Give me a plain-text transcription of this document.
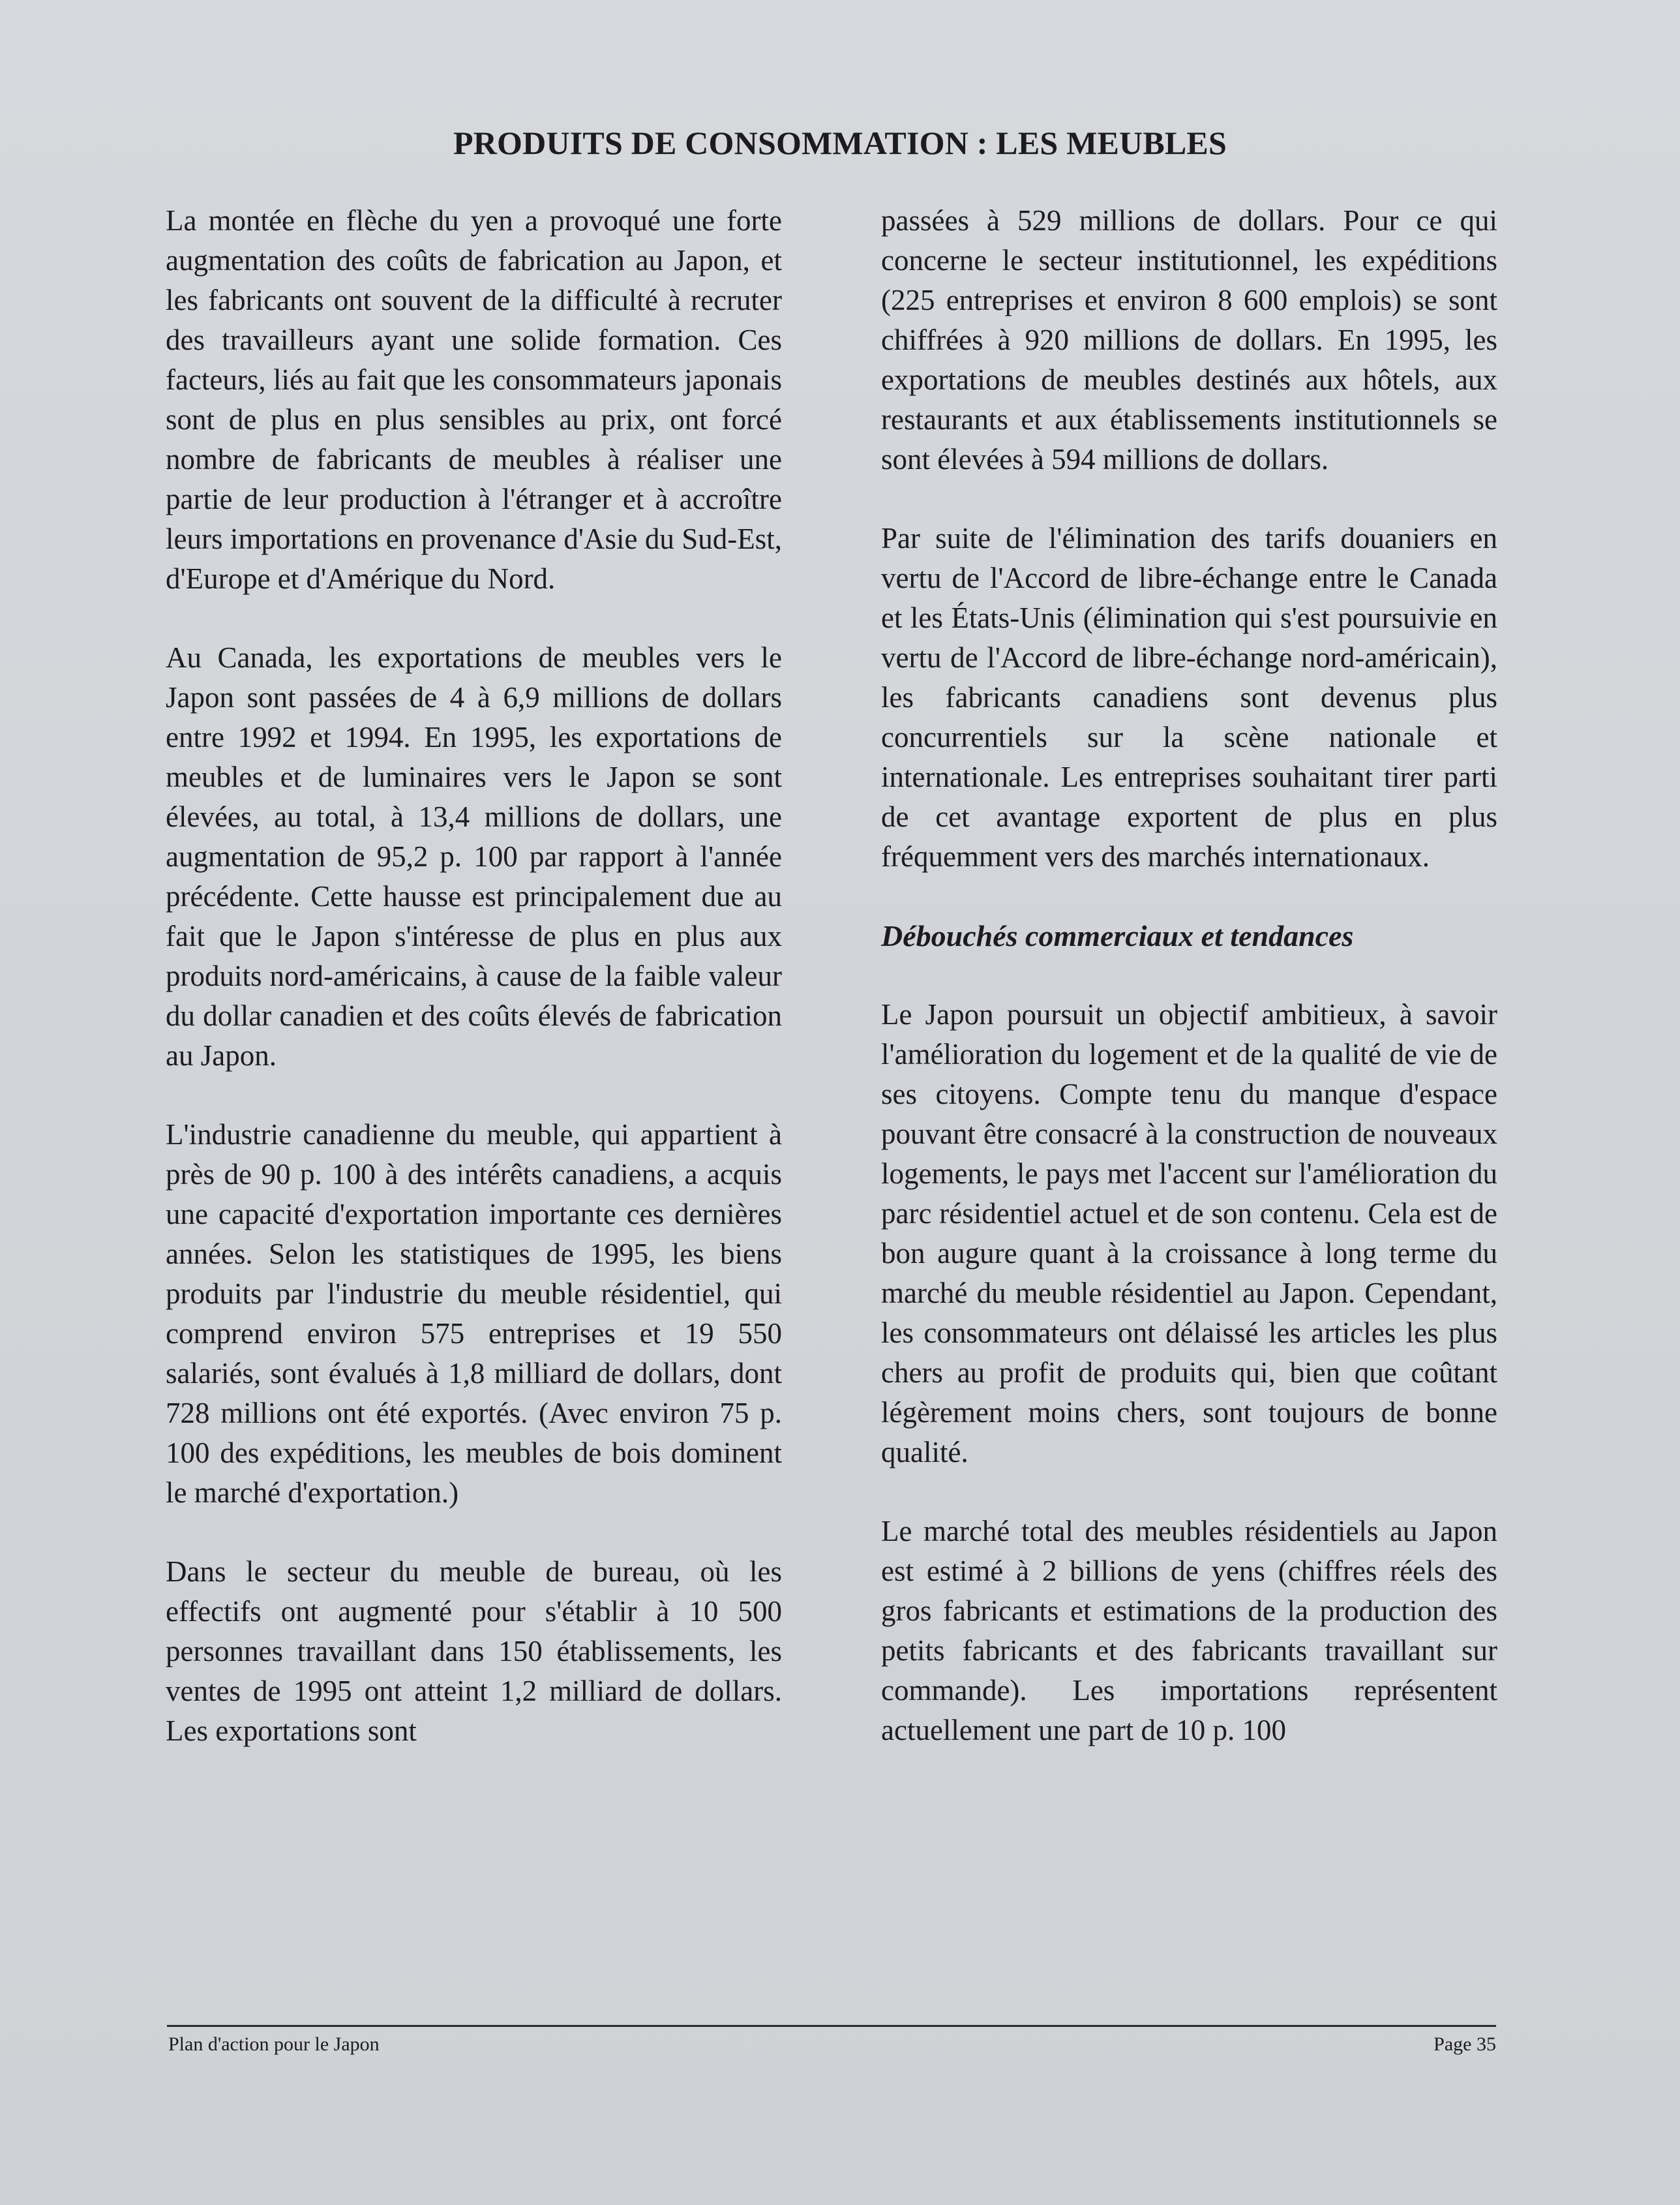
PRODUITS DE CONSOMMATION : LES MEUBLES

La montée en flèche du yen a provoqué une forte augmentation des coûts de fabrication au Japon, et les fabricants ont souvent de la difficulté à recruter des travailleurs ayant une solide formation. Ces facteurs, liés au fait que les consommateurs japonais sont de plus en plus sensibles au prix, ont forcé nombre de fabricants de meubles à réaliser une partie de leur production à l'étranger et à accroître leurs importations en provenance d'Asie du Sud-Est, d'Europe et d'Amérique du Nord.

Au Canada, les exportations de meubles vers le Japon sont passées de 4 à 6,9 millions de dollars entre 1992 et 1994. En 1995, les exportations de meubles et de luminaires vers le Japon se sont élevées, au total, à 13,4 millions de dollars, une augmentation de 95,2 p. 100 par rapport à l'année précédente. Cette hausse est principalement due au fait que le Japon s'intéresse de plus en plus aux produits nord-américains, à cause de la faible valeur du dollar canadien et des coûts élevés de fabrication au Japon.

L'industrie canadienne du meuble, qui appartient à près de 90 p. 100 à des intérêts canadiens, a acquis une capacité d'exportation importante ces dernières années. Selon les statistiques de 1995, les biens produits par l'industrie du meuble résidentiel, qui comprend environ 575 entreprises et 19 550 salariés, sont évalués à 1,8 milliard de dollars, dont 728 millions ont été exportés. (Avec environ 75 p. 100 des expéditions, les meubles de bois dominent le marché d'exportation.)

Dans le secteur du meuble de bureau, où les effectifs ont augmenté pour s'établir à 10 500 personnes travaillant dans 150 établissements, les ventes de 1995 ont atteint 1,2 milliard de dollars. Les exportations sont

passées à 529 millions de dollars. Pour ce qui concerne le secteur institutionnel, les expéditions (225 entreprises et environ 8 600 emplois) se sont chiffrées à 920 millions de dollars. En 1995, les exportations de meubles destinés aux hôtels, aux restaurants et aux établissements institutionnels se sont élevées à 594 millions de dollars.

Par suite de l'élimination des tarifs douaniers en vertu de l'Accord de libre-échange entre le Canada et les États-Unis (élimination qui s'est poursuivie en vertu de l'Accord de libre-échange nord-américain), les fabricants canadiens sont devenus plus concurrentiels sur la scène nationale et internationale. Les entreprises souhaitant tirer parti de cet avantage exportent de plus en plus fréquemment vers des marchés internationaux.

Débouchés commerciaux et tendances

Le Japon poursuit un objectif ambitieux, à savoir l'amélioration du logement et de la qualité de vie de ses citoyens. Compte tenu du manque d'espace pouvant être consacré à la construction de nouveaux logements, le pays met l'accent sur l'amélioration du parc résidentiel actuel et de son contenu. Cela est de bon augure quant à la croissance à long terme du marché du meuble résidentiel au Japon. Cependant, les consommateurs ont délaissé les articles les plus chers au profit de produits qui, bien que coûtant légèrement moins chers, sont toujours de bonne qualité.

Le marché total des meubles résidentiels au Japon est estimé à 2 billions de yens (chiffres réels des gros fabricants et estimations de la production des petits fabricants et des fabricants travaillant sur commande). Les importations représentent actuellement une part de 10 p. 100

Plan d'action pour le Japon	Page 35
